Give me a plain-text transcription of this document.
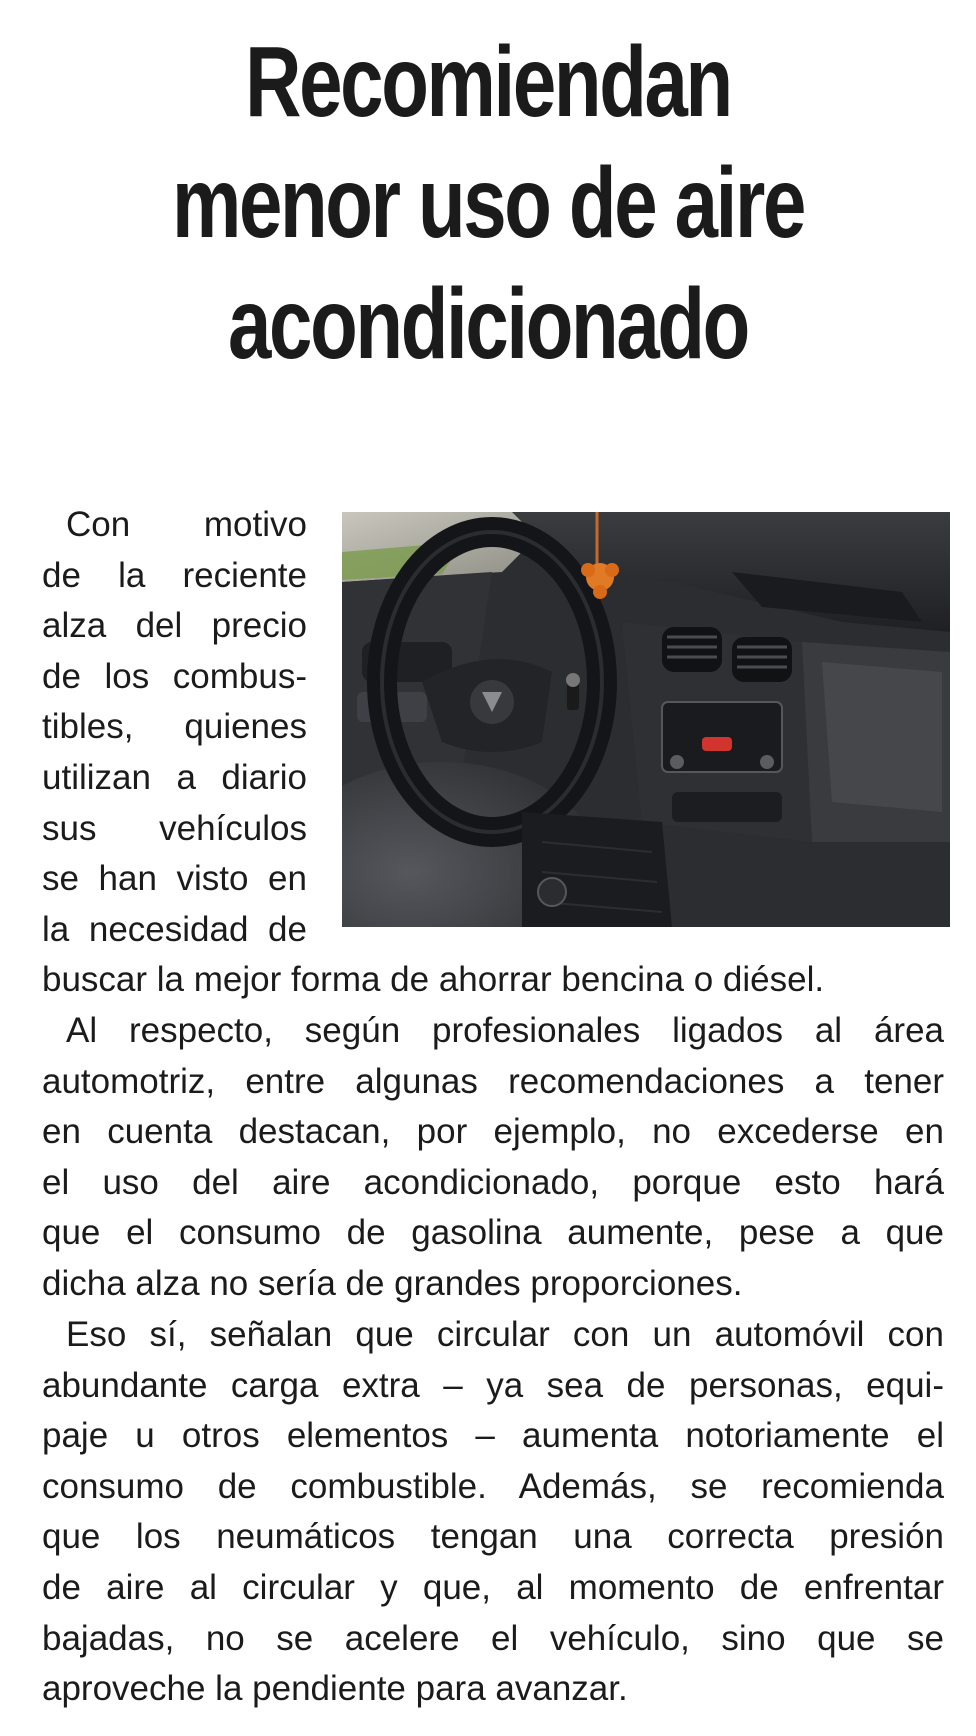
Recomiendan
menor uso de aire
acondicionado
Con motivo
de la reciente
alza del precio
de los combus-
tibles, quienes
utilizan a diario
sus vehículos
se han visto en
la necesidad de
buscar la mejor forma de ahorrar bencina o diésel.
Al respecto, según profesionales ligados al área
automotriz, entre algunas recomendaciones a tener
en cuenta destacan, por ejemplo, no excederse en
el uso del aire acondicionado, porque esto hará
que el consumo de gasolina aumente, pese a que
dicha alza no sería de grandes proporciones.
Eso sí, señalan que circular con un automóvil con
abundante carga extra – ya sea de personas, equi-
paje u otros elementos – aumenta notoriamente el
consumo de combustible. Además, se recomienda
que los neumáticos tengan una correcta presión
de aire al circular y que, al momento de enfrentar
bajadas, no se acelere el vehículo, sino que se
aproveche la pendiente para avanzar.
